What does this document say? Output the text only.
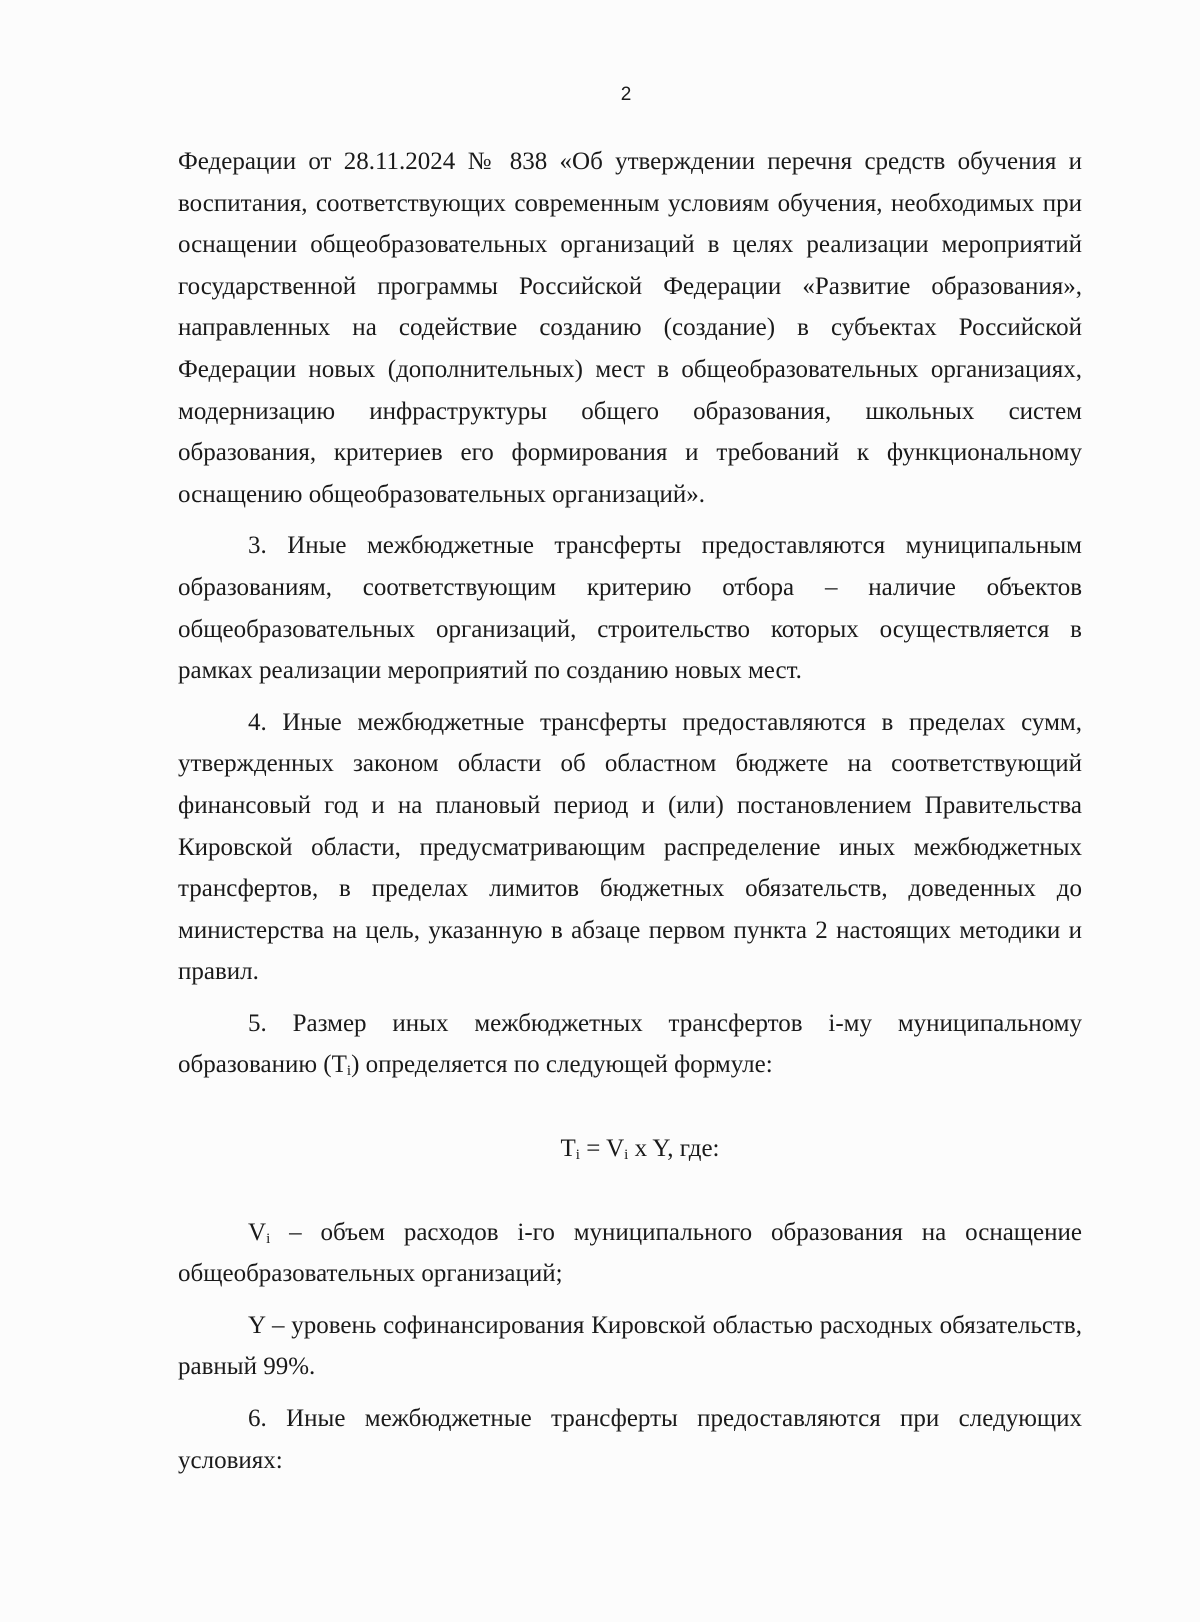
2

Федерации от 28.11.2024 № 838 «Об утверждении перечня средств обучения и воспитания, соответствующих современным условиям обучения, необходимых при оснащении общеобразовательных организаций в целях реализации мероприятий государственной программы Российской Федерации «Развитие образования», направленных на содействие созданию (создание) в субъектах Российской Федерации новых (дополнительных) мест в общеобразовательных организациях, модернизацию инфраструктуры общего образования, школьных систем образования, критериев его формирования и требований к функциональному оснащению общеобразовательных организаций».

3. Иные межбюджетные трансферты предоставляются муниципальным образованиям, соответствующим критерию отбора – наличие объектов общеобразовательных организаций, строительство которых осуществляется в рамках реализации мероприятий по созданию новых мест.

4. Иные межбюджетные трансферты предоставляются в пределах сумм, утвержденных законом области об областном бюджете на соответствующий финансовый год и на плановый период и (или) постановлением Правительства Кировской области, предусматривающим распределение иных межбюджетных трансфертов, в пределах лимитов бюджетных обязательств, доведенных до министерства на цель, указанную в абзаце первом пункта 2 настоящих методики и правил.

5. Размер иных межбюджетных трансфертов i-му муниципальному образованию $(T_i)$ определяется по следующей формуле:

$T_i = V_i$ x Y, где:

$V_i$ – объем расходов i-го муниципального образования на оснащение общеобразовательных организаций;

Y – уровень софинансирования Кировской областью расходных обязательств, равный 99%.

6. Иные межбюджетные трансферты предоставляются при следующих условиях:
